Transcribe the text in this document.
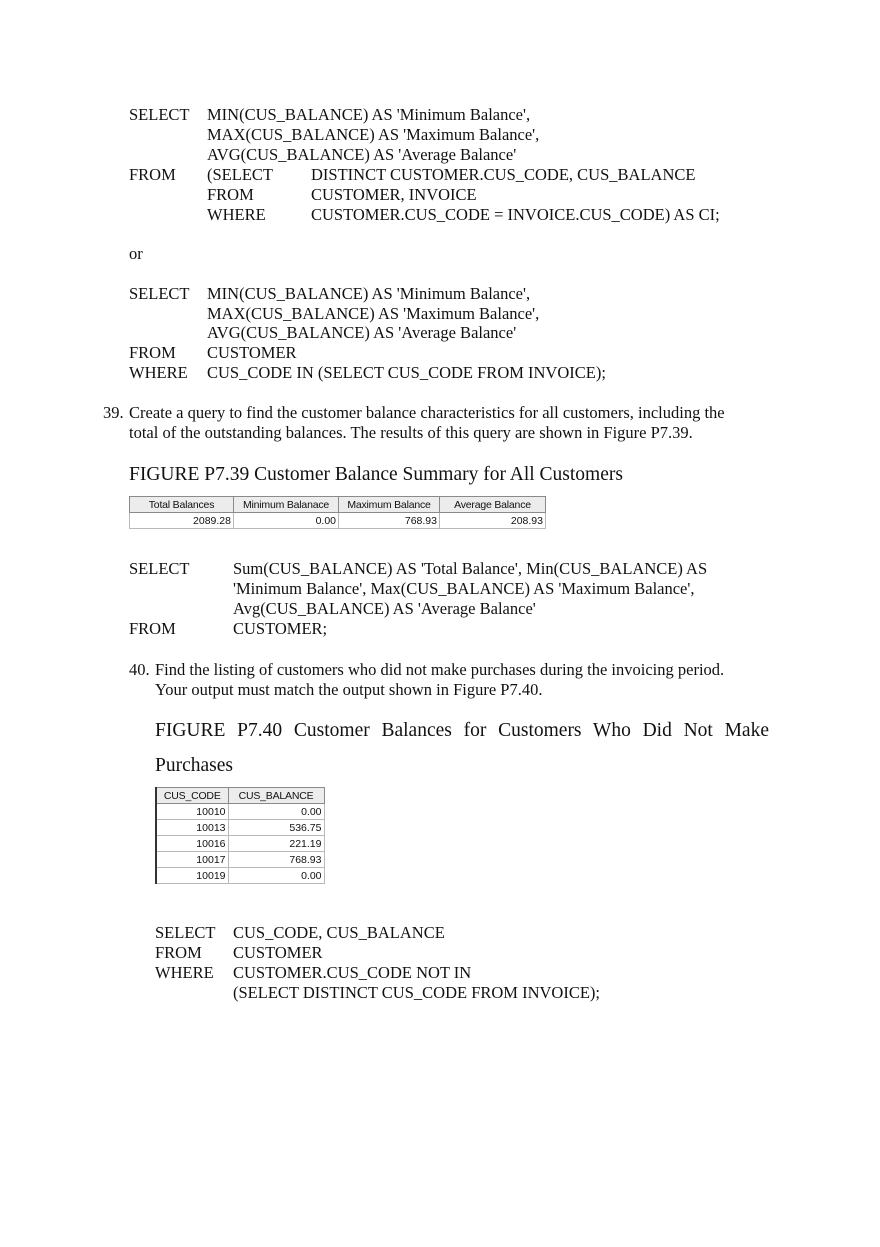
SELECT MIN(CUS_BALANCE) AS 'Minimum Balance',
MAX(CUS_BALANCE) AS 'Maximum Balance',
AVG(CUS_BALANCE) AS 'Average Balance'
FROM (SELECT DISTINCT CUSTOMER.CUS_CODE, CUS_BALANCE
FROM	CUSTOMER, INVOICE
WHERE	CUSTOMER.CUS_CODE = INVOICE.CUS_CODE) AS CI;
or
SELECT MIN(CUS_BALANCE) AS 'Minimum Balance',
MAX(CUS_BALANCE) AS 'Maximum Balance',
AVG(CUS_BALANCE) AS 'Average Balance'
FROM CUSTOMER
WHERE CUS_CODE IN (SELECT CUS_CODE FROM INVOICE);
39. Create a query to find the customer balance characteristics for all customers, including the
total of the outstanding balances. The results of this query are shown in Figure P7.39.
FIGURE P7.39 Customer Balance Summary for All Customers
Total Balances	Minimum Balanace	Maximum Balance	Average Balance
2089.28	0.00	768.93	208.93
SELECT	Sum(CUS_BALANCE) AS 'Total Balance', Min(CUS_BALANCE) AS
'Minimum Balance', Max(CUS_BALANCE) AS 'Maximum Balance',
Avg(CUS_BALANCE) AS 'Average Balance'
FROM	CUSTOMER;
40. Find the listing of customers who did not make purchases during the invoicing period.
Your output must match the output shown in Figure P7.40.
FIGURE P7.40 Customer Balances for Customers Who Did Not Make
Purchases
CUS_CODE	CUS_BALANCE
10010	0.00
10013	536.75
10016	221.19
10017	768.93
10019	0.00
SELECT CUS_CODE, CUS_BALANCE
FROM CUSTOMER
WHERE CUSTOMER.CUS_CODE NOT IN
(SELECT DISTINCT CUS_CODE FROM INVOICE);
